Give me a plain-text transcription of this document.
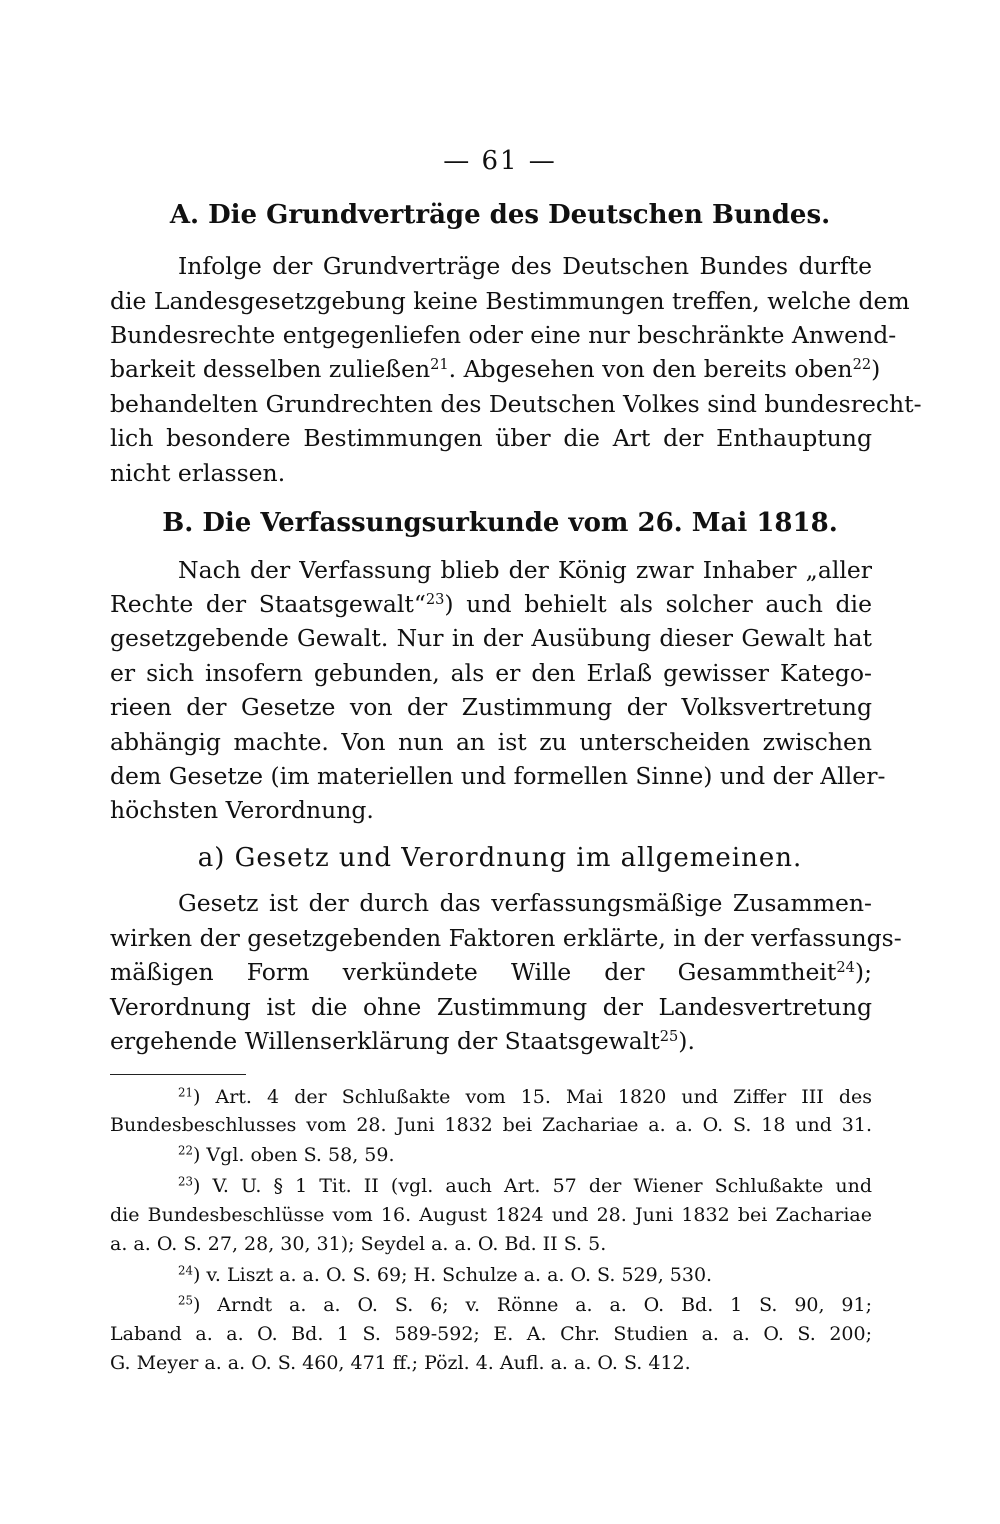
— 61 —
A. Die Grundverträge des Deutschen Bundes.
Infolge der Grundverträge des Deutschen Bundes durfte
die Landesgesetzgebung keine Bestimmungen treffen, welche dem
Bundesrechte entgegenliefen oder eine nur beschränkte Anwend-
barkeit desselben zuließen$^{21}$. Abgesehen von den bereits oben$^{22}$)
behandelten Grundrechten des Deutschen Volkes sind bundesrecht-
lich besondere Bestimmungen über die Art der Enthauptung
nicht erlassen.
B. Die Verfassungsurkunde vom 26. Mai 1818.
Nach der Verfassung blieb der König zwar Inhaber „aller
Rechte der Staatsgewalt“$^{23}$) und behielt als solcher auch die
gesetzgebende Gewalt. Nur in der Ausübung dieser Gewalt hat
er sich insofern gebunden, als er den Erlaß gewisser Katego-
rieen der Gesetze von der Zustimmung der Volksvertretung
abhängig machte. Von nun an ist zu unterscheiden zwischen
dem Gesetze (im materiellen und formellen Sinne) und der Aller-
höchsten Verordnung.
a) Gesetz und Verordnung im allgemeinen.
Gesetz ist der durch das verfassungsmäßige Zusammen-
wirken der gesetzgebenden Faktoren erklärte, in der verfassungs-
mäßigen Form verkündete Wille der Gesammtheit$^{24}$);
Verordnung ist die ohne Zustimmung der Landesvertretung
ergehende Willenserklärung der Staatsgewalt$^{25}$).
$^{21}$) Art. 4 der Schlußakte vom 15. Mai 1820 und Ziffer III des
Bundesbeschlusses vom 28. Juni 1832 bei Zachariae a. a. O. S. 18 und 31.
$^{22}$) Vgl. oben S. 58, 59.
$^{23}$) V. U. § 1 Tit. II (vgl. auch Art. 57 der Wiener Schlußakte und
die Bundesbeschlüsse vom 16. August 1824 und 28. Juni 1832 bei Zachariae
a. a. O. S. 27, 28, 30, 31); Seydel a. a. O. Bd. II S. 5.
$^{24}$) v. Liszt a. a. O. S. 69; H. Schulze a. a. O. S. 529, 530.
$^{25}$) Arndt a. a. O. S. 6; v. Rönne a. a. O. Bd. 1 S. 90, 91;
Laband a. a. O. Bd. 1 S. 589-592; E. A. Chr. Studien a. a. O. S. 200;
G. Meyer a. a. O. S. 460, 471 ff.; Pözl. 4. Aufl. a. a. O. S. 412.
